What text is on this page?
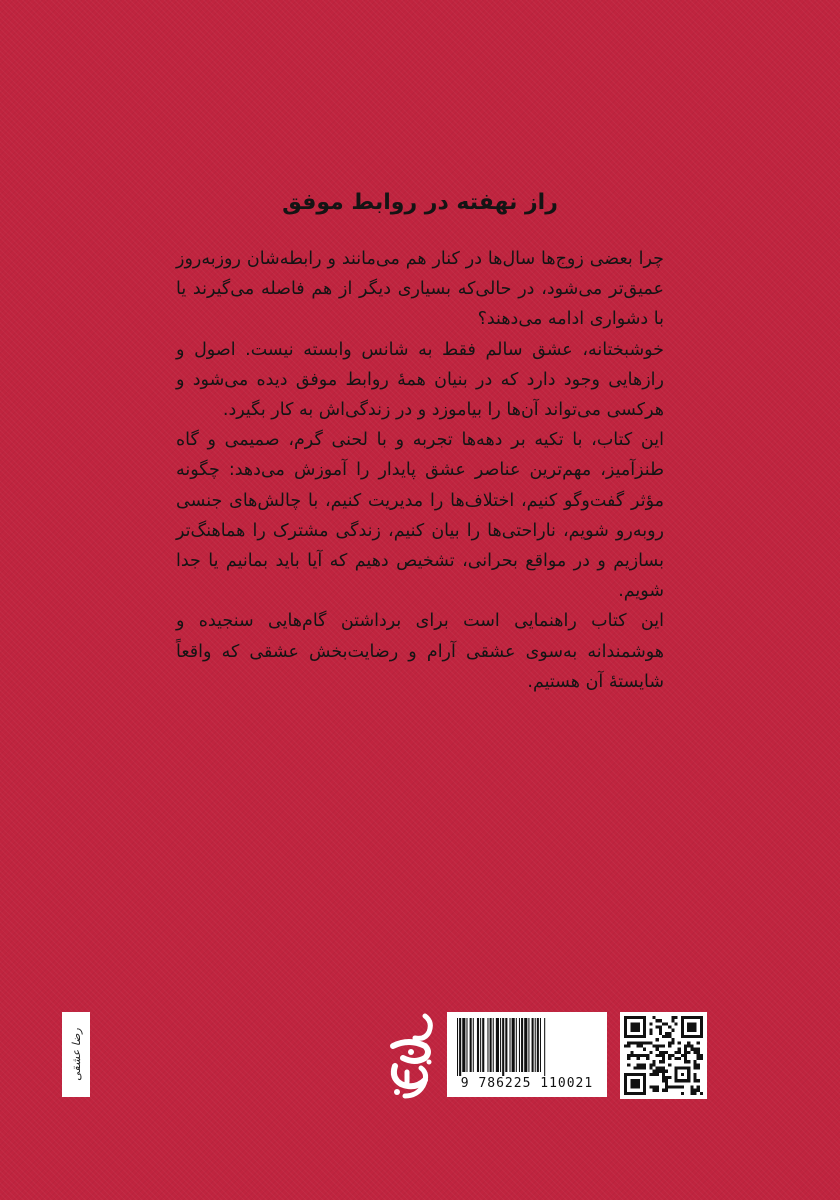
راز نهفته در روابط موفق

چرا بعضی زوج‌ها سال‌ها در کنار هم می‌مانند و رابطه‌شان روزبه‌روز عمیق‌تر می‌شود، در حالی‌که بسیاری دیگر از هم فاصله می‌گیرند یا با دشواری ادامه می‌دهند؟

خوشبختانه، عشق سالم فقط به شانس وابسته نیست. اصول و رازهایی وجود دارد که در بنیان همهٔ روابط موفق دیده می‌شود و هرکسی می‌تواند آن‌ها را بیاموزد و در زندگی‌اش به کار بگیرد.

این کتاب، با تکیه بر دهه‌ها تجربه و با لحنی گرم، صمیمی و گاه طنزآمیز، مهم‌ترین عناصر عشق پایدار را آموزش می‌دهد: چگونه مؤثر گفت‌وگو کنیم، اختلاف‌ها را مدیریت کنیم، با چالش‌های جنسی روبه‌رو شویم، ناراحتی‌ها را بیان کنیم، زندگی مشترک را هماهنگ‌تر بسازیم و در مواقع بحرانی، تشخیص دهیم که آیا باید بمانیم یا جدا شویم.

این کتاب راهنمایی است برای برداشتن گام‌هایی سنجیده و هوشمندانه به‌سوی عشقی آرام و رضایت‌بخش عشقی که واقعاً شایستهٔ آن هستیم.

رضا عشقی
9 786225 110021
